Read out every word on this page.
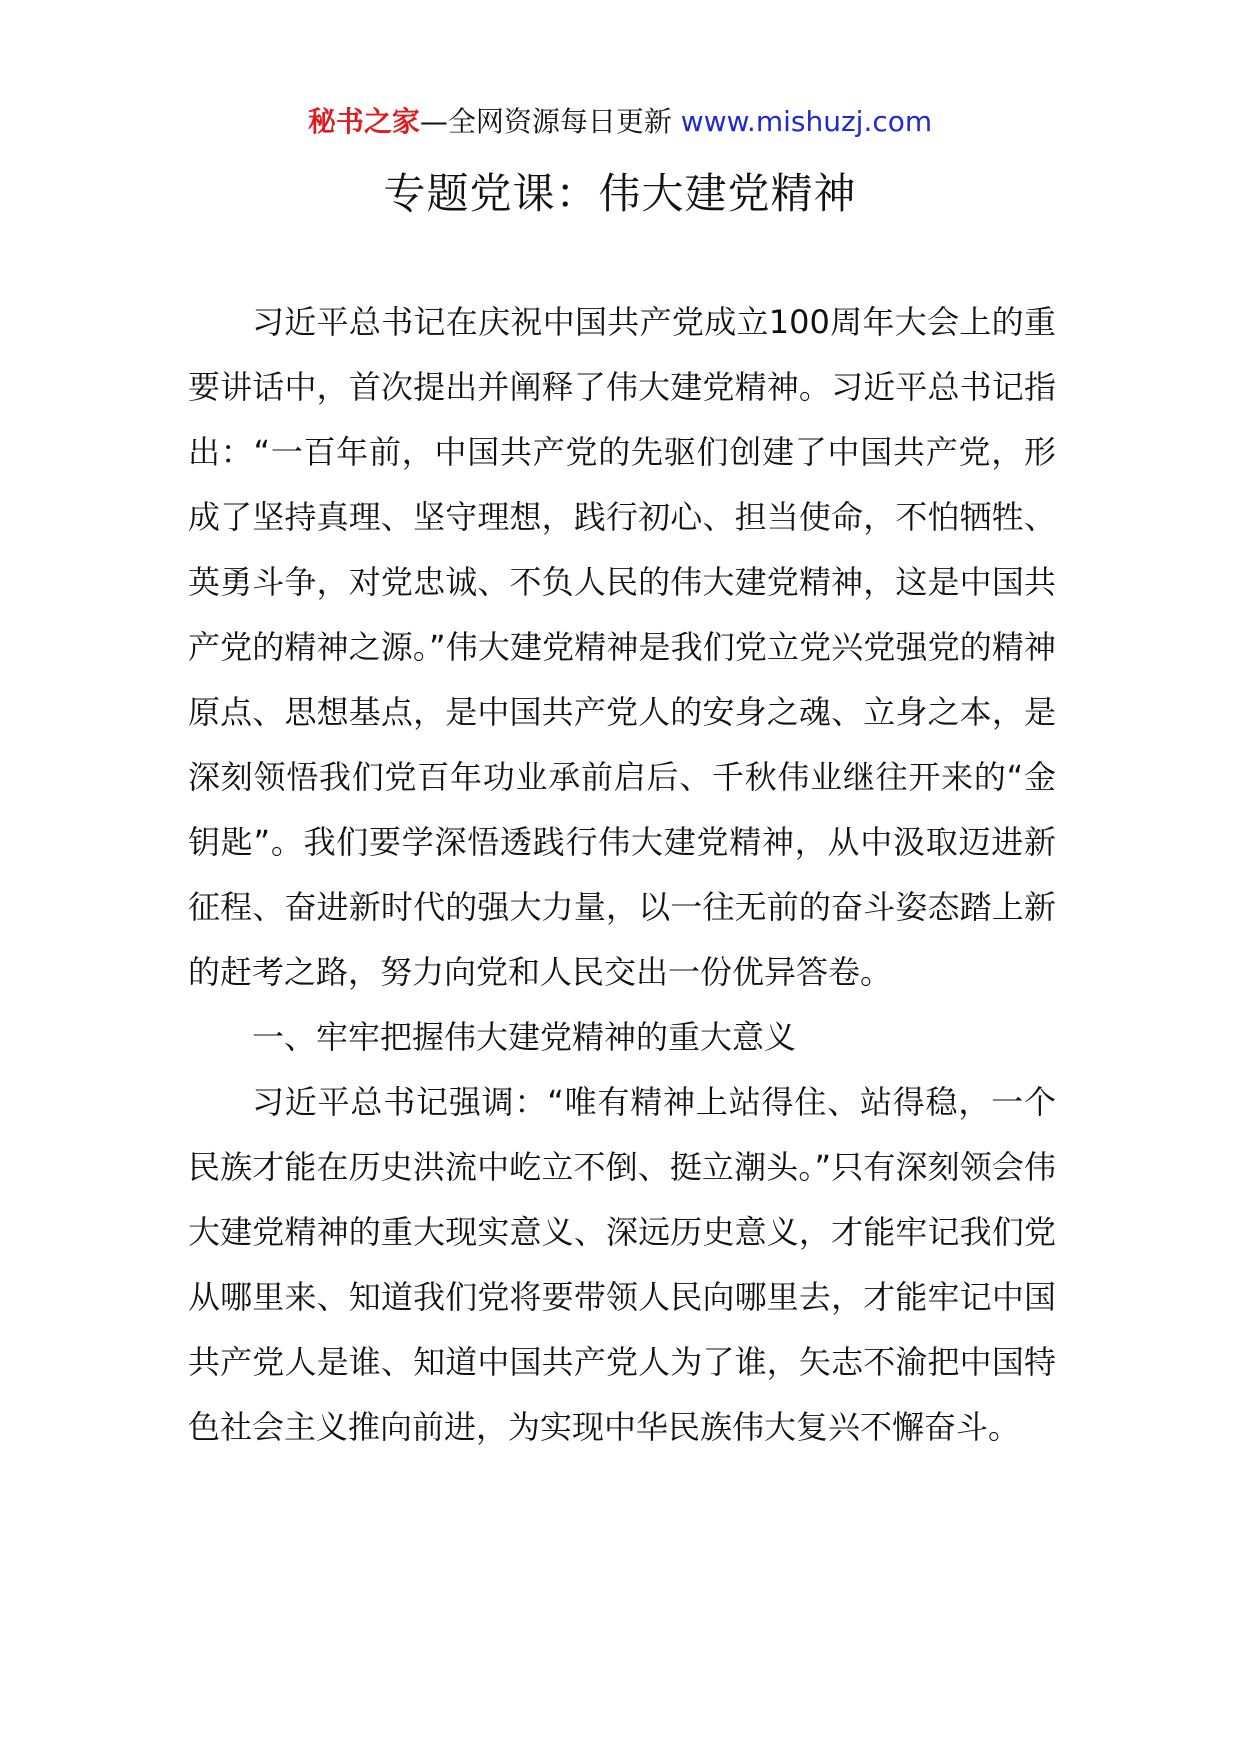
秘书之家—全网资源每日更新 www.mishuzj.com
专题党课：伟大建党精神

习近平总书记在庆祝中国共产党成立100周年大会上的重要讲话中，首次提出并阐释了伟大建党精神。习近平总书记指出：“一百年前，中国共产党的先驱们创建了中国共产党，形成了坚持真理、坚守理想，践行初心、担当使命，不怕牺牲、英勇斗争，对党忠诚、不负人民的伟大建党精神，这是中国共产党的精神之源。”伟大建党精神是我们党立党兴党强党的精神原点、思想基点，是中国共产党人的安身之魂、立身之本，是深刻领悟我们党百年功业承前启后、千秋伟业继往开来的“金钥匙”。我们要学深悟透践行伟大建党精神，从中汲取迈进新征程、奋进新时代的强大力量，以一往无前的奋斗姿态踏上新的赶考之路，努力向党和人民交出一份优异答卷。

一、牢牢把握伟大建党精神的重大意义

习近平总书记强调：“唯有精神上站得住、站得稳，一个民族才能在历史洪流中屹立不倒、挺立潮头。”只有深刻领会伟大建党精神的重大现实意义、深远历史意义，才能牢记我们党从哪里来、知道我们党将要带领人民向哪里去，才能牢记中国共产党人是谁、知道中国共产党人为了谁，矢志不渝把中国特色社会主义推向前进，为实现中华民族伟大复兴不懈奋斗。
